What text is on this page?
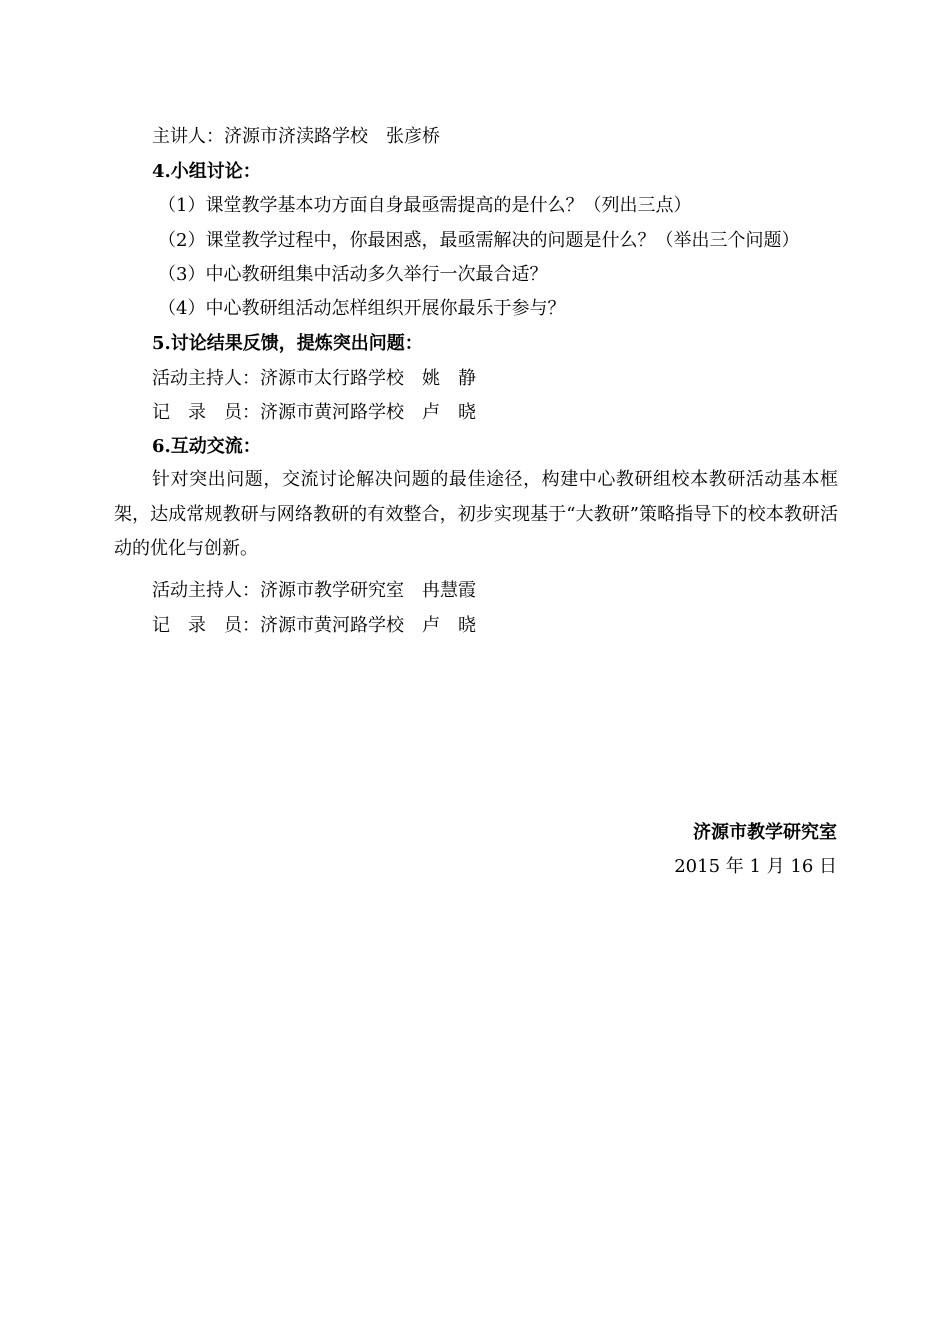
主讲人：济源市济渎路学校　张彦桥
4.小组讨论：
（1）课堂教学基本功方面自身最亟需提高的是什么？（列出三点）
（2）课堂教学过程中，你最困惑，最亟需解决的问题是什么？（举出三个问题）
（3）中心教研组集中活动多久举行一次最合适？
（4）中心教研组活动怎样组织开展你最乐于参与？
5.讨论结果反馈，提炼突出问题：
活动主持人：济源市太行路学校　姚　静
记　录　员：济源市黄河路学校　卢　晓
6.互动交流：
针对突出问题，交流讨论解决问题的最佳途径，构建中心教研组校本教研活动基本框架，达成常规教研与网络教研的有效整合，初步实现基于“大教研”策略指导下的校本教研活动的优化与创新。
活动主持人：济源市教学研究室　冉慧霞
记　录　员：济源市黄河路学校　卢　晓
济源市教学研究室
2015 年 1 月 16 日
